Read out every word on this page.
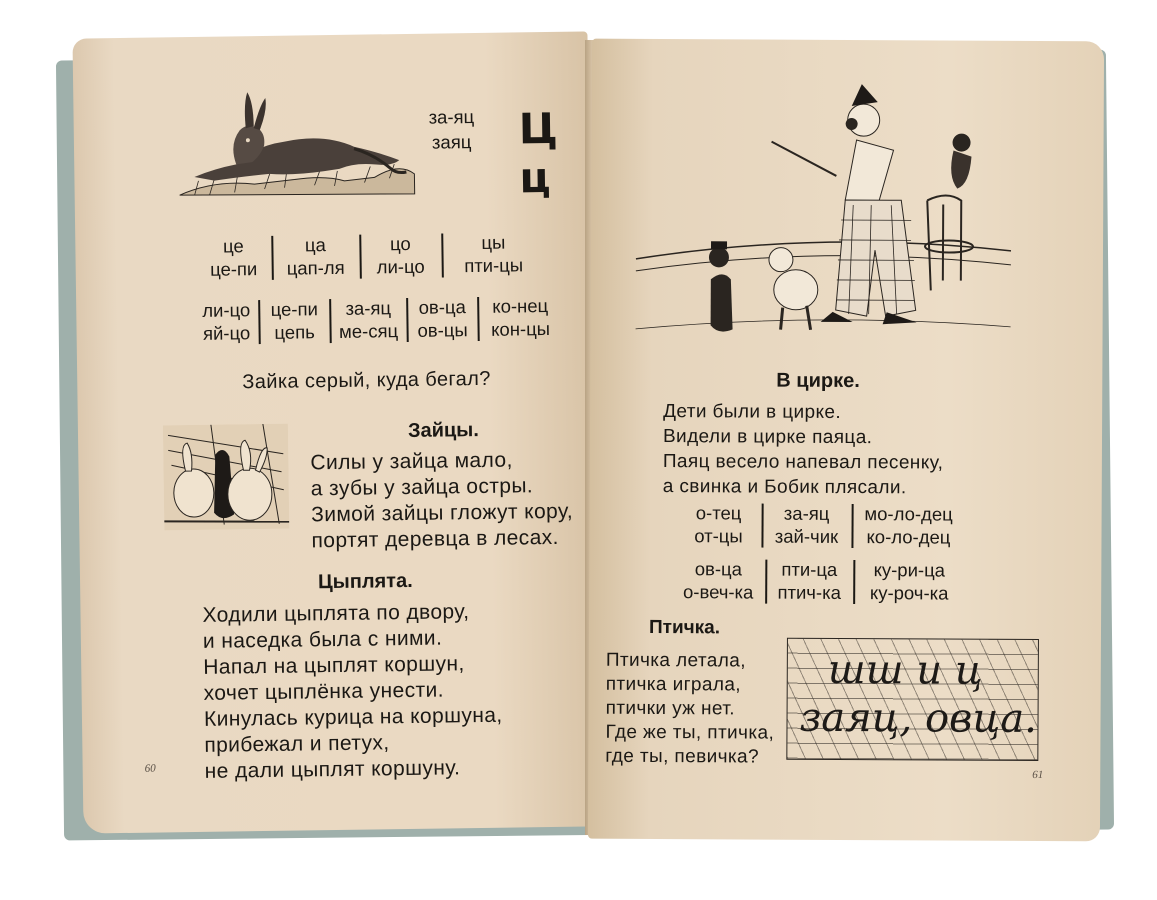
за-яц
заяц Ц ц
це
це-пи
ца
цап-ля
цо
ли-цо
цы
пти-цы
ли-цо
яй-цо
це-пи
цепь
за-яц
ме-сяц
ов-ца
ов-цы
ко-нец
кон-цы
Зайка серый, куда бегал?
Зайцы.
Силы у зайца мало,
а зубы у зайца остры.
Зимой зайцы гложут кору,
портят деревца в лесах.
Цыплята.
Ходили цыплята по двору,
и наседка была с ними.
Напал на цыплят коршун,
хочет цыплёнка унести.
Кинулась курица на коршуна,
прибежал и петух,
не дали цыплят коршуну.
60
В цирке.
Дети были в цирке.
Видели в цирке паяца.
Паяц весело напевал песенку,
а свинка и Бобик плясали.
о-тец
от-цы
за-яц
зай-чик
мо-ло-дец
ко-ло-дец
ов-ца
о-веч-ка
пти-ца
птич-ка
ку-ри-ца
ку-роч-ка
Птичка.
Птичка летала,
птичка играла,
птички уж нет.
Где же ты, птичка,
где ты, певичка?
шш и ц
заяц, овца.
61
